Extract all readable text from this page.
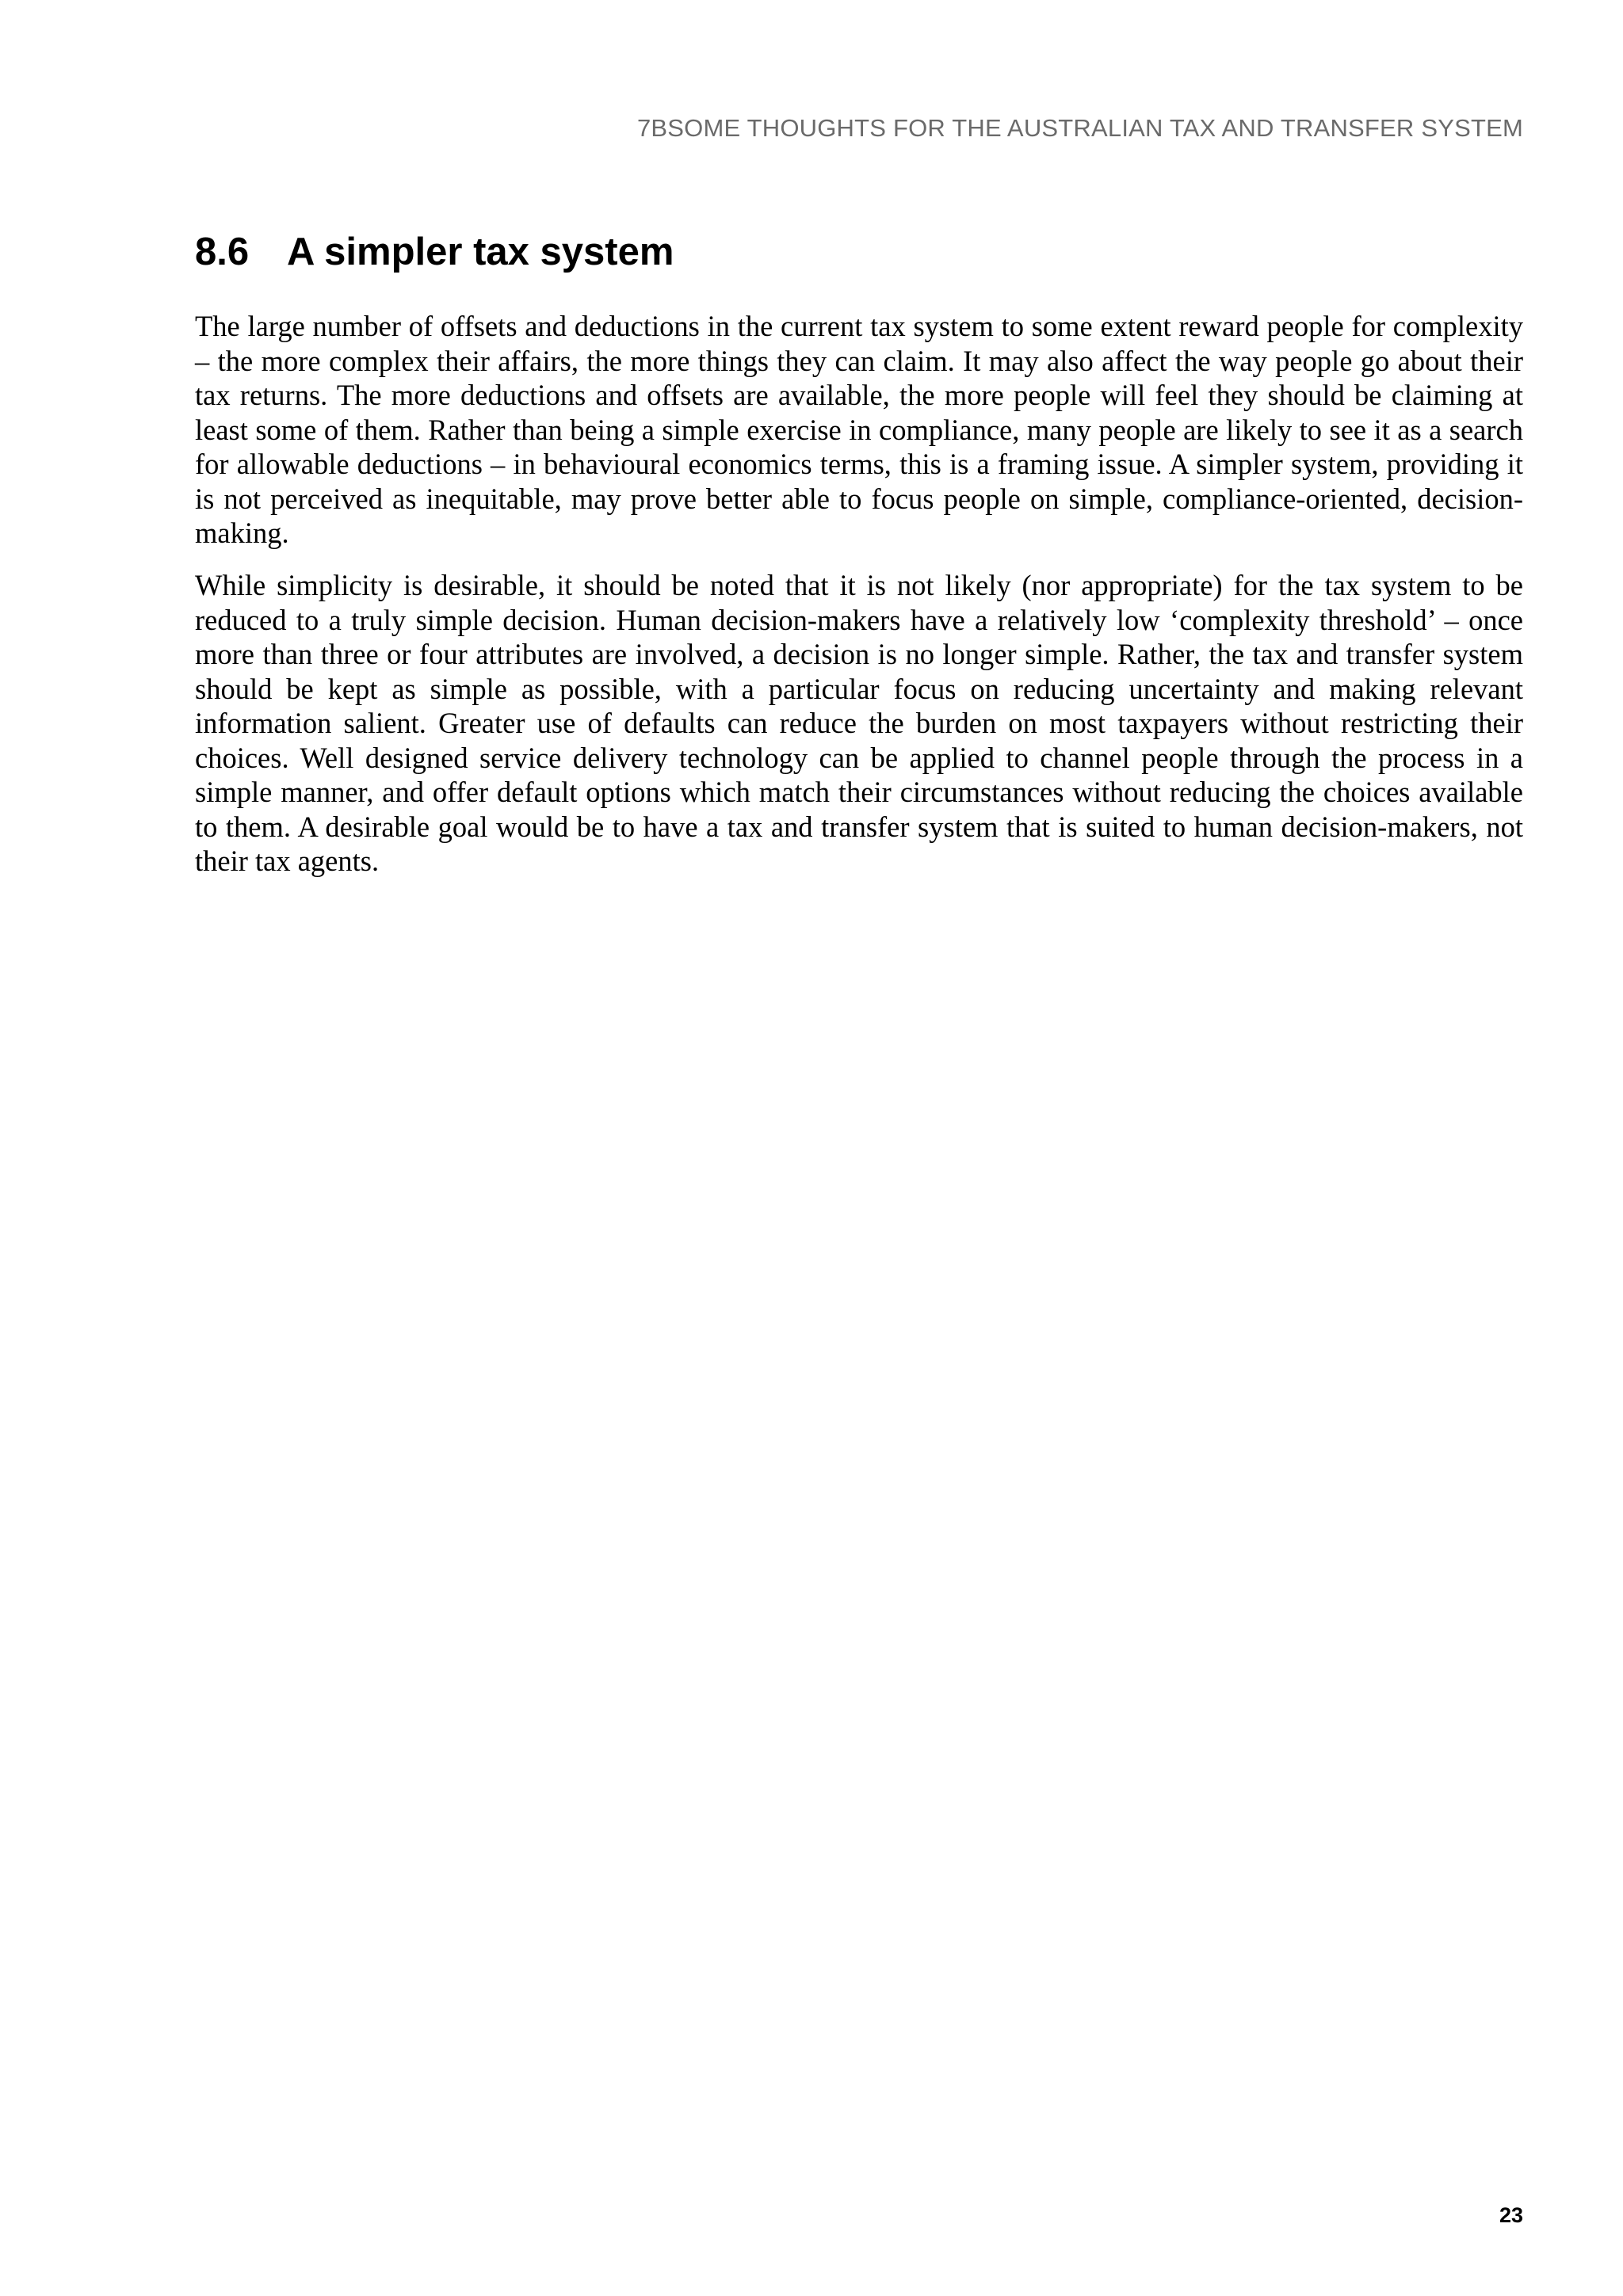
7BSOME THOUGHTS FOR THE AUSTRALIAN TAX AND TRANSFER SYSTEM
8.6 A simpler tax system

The large number of offsets and deductions in the current tax system to some extent reward people for complexity – the more complex their affairs, the more things they can claim. It may also affect the way people go about their tax returns. The more deductions and offsets are available, the more people will feel they should be claiming at least some of them. Rather than being a simple exercise in compliance, many people are likely to see it as a search for allowable deductions – in behavioural economics terms, this is a framing issue. A simpler system, providing it is not perceived as inequitable, may prove better able to focus people on simple, compliance-oriented, decision-making.

While simplicity is desirable, it should be noted that it is not likely (nor appropriate) for the tax system to be reduced to a truly simple decision. Human decision-makers have a relatively low ‘complexity threshold’ – once more than three or four attributes are involved, a decision is no longer simple. Rather, the tax and transfer system should be kept as simple as possible, with a particular focus on reducing uncertainty and making relevant information salient. Greater use of defaults can reduce the burden on most taxpayers without restricting their choices. Well designed service delivery technology can be applied to channel people through the process in a simple manner, and offer default options which match their circumstances without reducing the choices available to them. A desirable goal would be to have a tax and transfer system that is suited to human decision-makers, not their tax agents.

23
